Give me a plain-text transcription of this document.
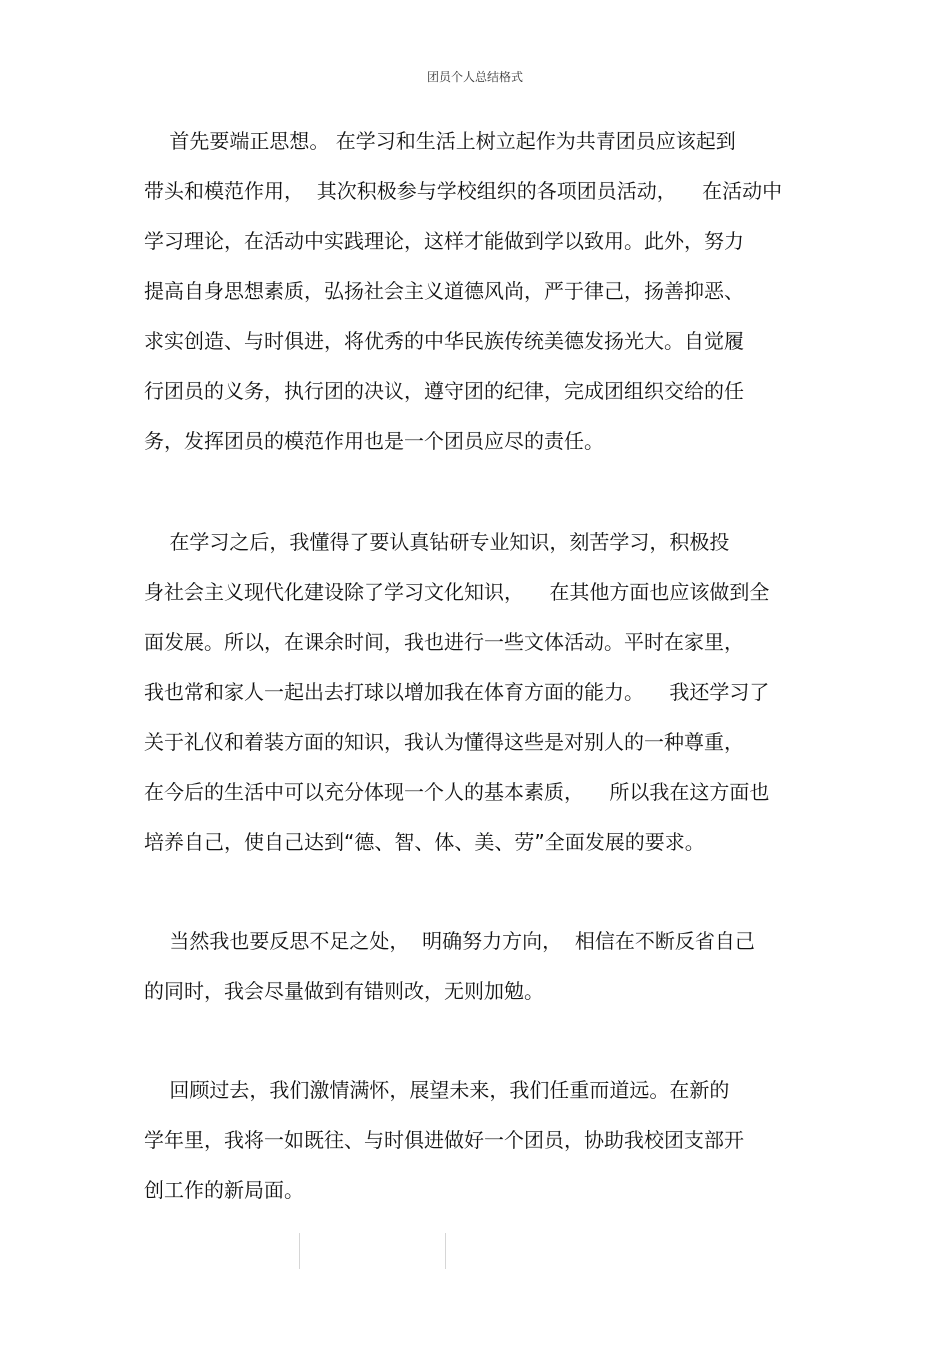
团员个人总结格式
首先要端正思想。 在学习和生活上树立起作为共青团员应该起到
带头和模范作用，  其次积极参与学校组织的各项团员活动，    在活动中
学习理论，在活动中实践理论，这样才能做到学以致用。此外，努力
提高自身思想素质，弘扬社会主义道德风尚，严于律己，扬善抑恶、
求实创造、与时俱进，将优秀的中华民族传统美德发扬光大。自觉履
行团员的义务，执行团的决议，遵守团的纪律，完成团组织交给的任
务，发挥团员的模范作用也是一个团员应尽的责任。
在学习之后，我懂得了要认真钻研专业知识，刻苦学习，积极投
身社会主义现代化建设除了学习文化知识，    在其他方面也应该做到全
面发展。所以，在课余时间，我也进行一些文体活动。平时在家里，
我也常和家人一起出去打球以增加我在体育方面的能力。    我还学习了
关于礼仪和着装方面的知识，我认为懂得这些是对别人的一种尊重，
在今后的生活中可以充分体现一个人的基本素质，    所以我在这方面也
培养自己，使自己达到“德、智、体、美、劳”全面发展的要求。
当然我也要反思不足之处，  明确努力方向，  相信在不断反省自己
的同时，我会尽量做到有错则改，无则加勉。
回顾过去，我们激情满怀，展望未来，我们任重而道远。在新的
学年里，我将一如既往、与时俱进做好一个团员，协助我校团支部开
创工作的新局面。
